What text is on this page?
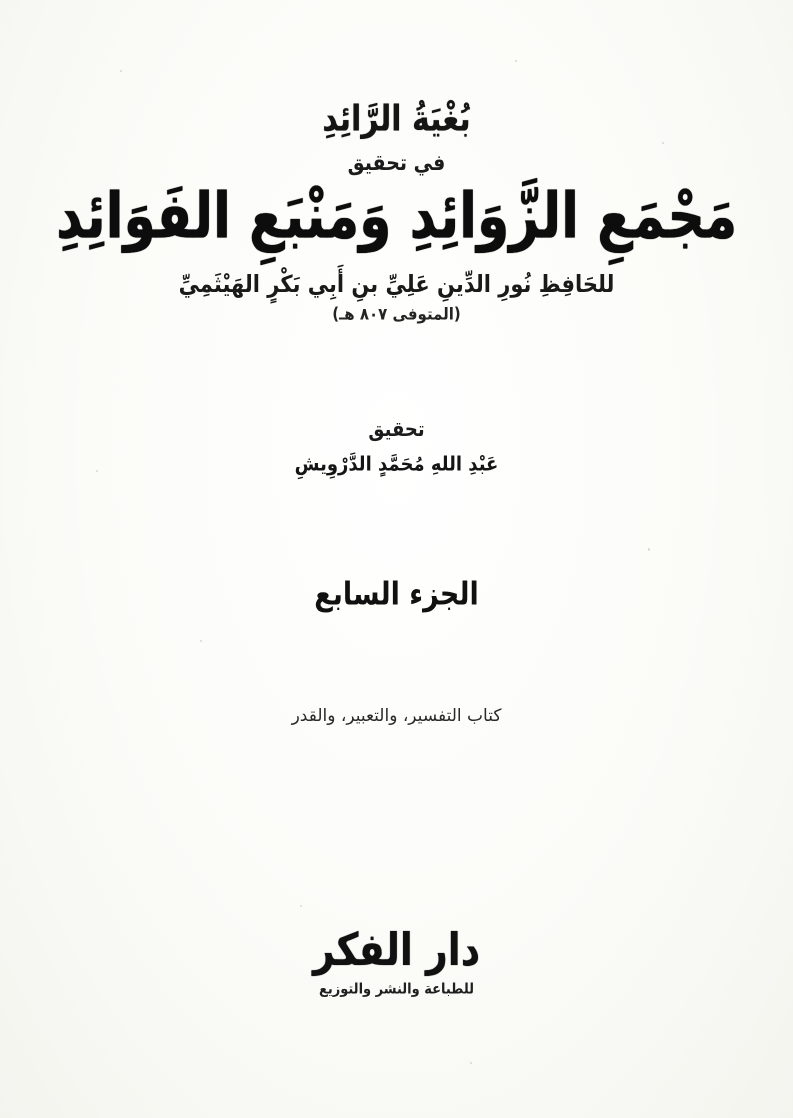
بُغْيَةُ الرَّائِدِ
في تحقيق
مَجْمَعِ الزَّوَائِدِ وَمَنْبَعِ الفَوَائِدِ
للحَافِظِ نُورِ الدِّينِ عَلِيِّ بنِ أَبِي بَكْرٍ الهَيْثَمِيِّ
(المتوفى ٨٠٧ هـ)
تحقيق
عَبْدِ اللهِ مُحَمَّدٍ الدَّرْوِيشِ
الجزء السابع
كتاب التفسير، والتعبير، والقدر
دار الفكر
للطباعة والنشر والتوزيع
